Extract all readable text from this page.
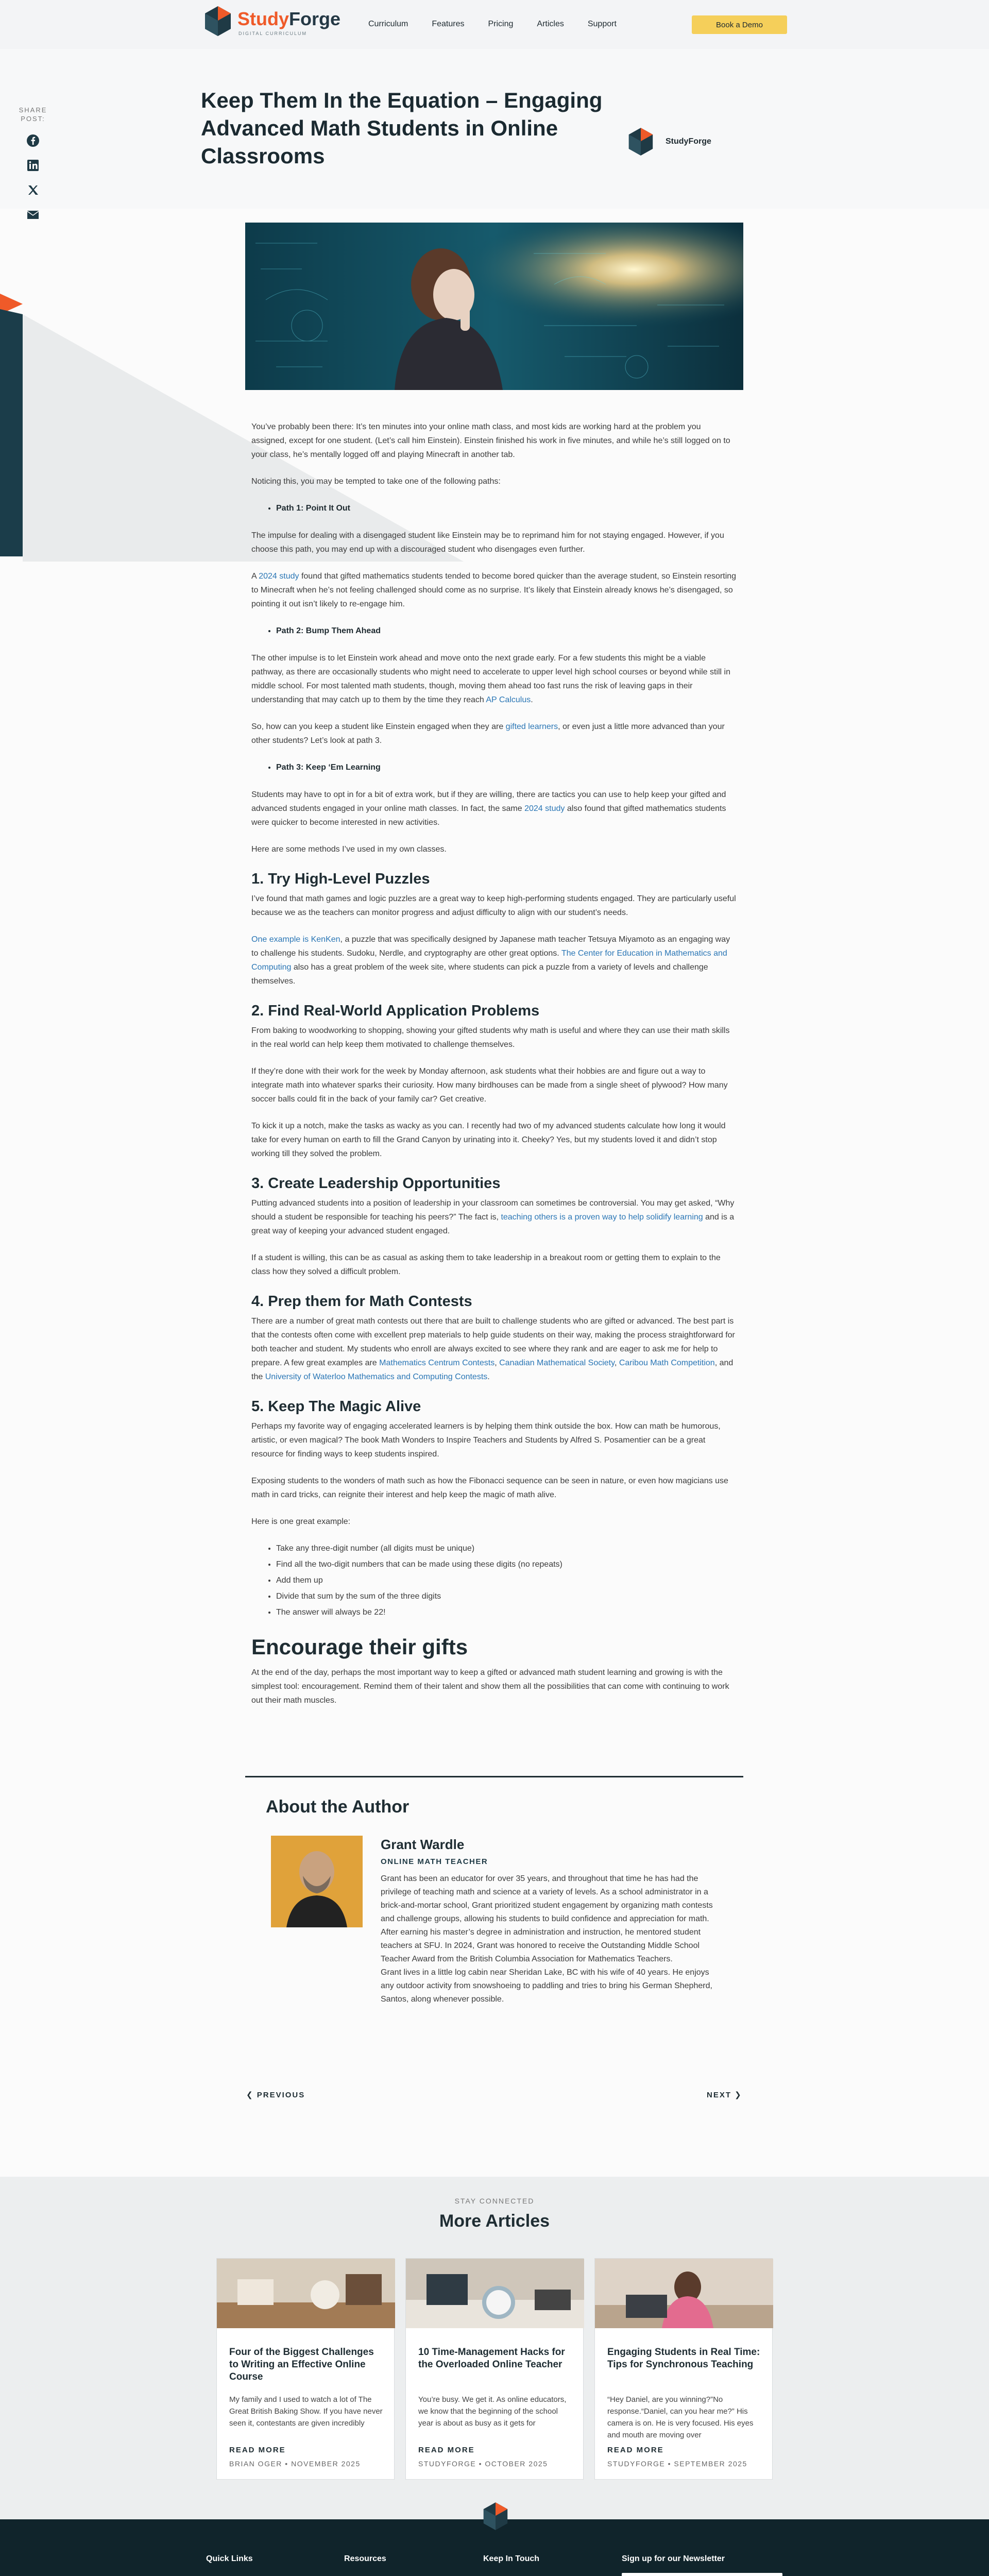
StudyForge
DIGITAL CURRICULUM
Curriculum	Features	Pricing	Articles	Support	Book a Demo
SHARE POST:
Keep Them In the Equation – Engaging Advanced Math Students in Online Classrooms
StudyForge

You’ve probably been there: It’s ten minutes into your online math class, and most kids are working hard at the problem you assigned, except for one student. (Let’s call him Einstein). Einstein finished his work in five minutes, and while he’s still logged on to your class, he’s mentally logged off and playing Minecraft in another tab.

Noticing this, you may be tempted to take one of the following paths:

• Path 1: Point It Out

The impulse for dealing with a disengaged student like Einstein may be to reprimand him for not staying engaged. However, if you choose this path, you may end up with a discouraged student who disengages even further.

A 2024 study found that gifted mathematics students tended to become bored quicker than the average student, so Einstein resorting to Minecraft when he’s not feeling challenged should come as no surprise. It’s likely that Einstein already knows he’s disengaged, so pointing it out isn’t likely to re-engage him.

• Path 2: Bump Them Ahead

The other impulse is to let Einstein work ahead and move onto the next grade early. For a few students this might be a viable pathway, as there are occasionally students who might need to accelerate to upper level high school courses or beyond while still in middle school. For most talented math students, though, moving them ahead too fast runs the risk of leaving gaps in their understanding that may catch up to them by the time they reach AP Calculus.

So, how can you keep a student like Einstein engaged when they are gifted learners, or even just a little more advanced than your other students? Let’s look at path 3.

• Path 3: Keep ‘Em Learning

Students may have to opt in for a bit of extra work, but if they are willing, there are tactics you can use to help keep your gifted and advanced students engaged in your online math classes. In fact, the same 2024 study also found that gifted mathematics students were quicker to become interested in new activities.

Here are some methods I’ve used in my own classes.

1. Try High-Level Puzzles

I’ve found that math games and logic puzzles are a great way to keep high-performing students engaged. They are particularly useful because we as the teachers can monitor progress and adjust difficulty to align with our student’s needs.

One example is KenKen, a puzzle that was specifically designed by Japanese math teacher Tetsuya Miyamoto as an engaging way to challenge his students. Sudoku, Nerdle, and cryptography are other great options. The Center for Education in Mathematics and Computing also has a great problem of the week site, where students can pick a puzzle from a variety of levels and challenge themselves.

2. Find Real-World Application Problems

From baking to woodworking to shopping, showing your gifted students why math is useful and where they can use their math skills in the real world can help keep them motivated to challenge themselves.

If they’re done with their work for the week by Monday afternoon, ask students what their hobbies are and figure out a way to integrate math into whatever sparks their curiosity. How many birdhouses can be made from a single sheet of plywood? How many soccer balls could fit in the back of your family car? Get creative.

To kick it up a notch, make the tasks as wacky as you can. I recently had two of my advanced students calculate how long it would take for every human on earth to fill the Grand Canyon by urinating into it. Cheeky? Yes, but my students loved it and didn’t stop working till they solved the problem.

3. Create Leadership Opportunities

Putting advanced students into a position of leadership in your classroom can sometimes be controversial. You may get asked, “Why should a student be responsible for teaching his peers?” The fact is, teaching others is a proven way to help solidify learning and is a great way of keeping your advanced student engaged.

If a student is willing, this can be as casual as asking them to take leadership in a breakout room or getting them to explain to the class how they solved a difficult problem.

4. Prep them for Math Contests

There are a number of great math contests out there that are built to challenge students who are gifted or advanced. The best part is that the contests often come with excellent prep materials to help guide students on their way, making the process straightforward for both teacher and student. My students who enroll are always excited to see where they rank and are eager to ask me for help to prepare. A few great examples are Mathematics Centrum Contests, Canadian Mathematical Society, Caribou Math Competition, and the University of Waterloo Mathematics and Computing Contests.

5. Keep The Magic Alive

Perhaps my favorite way of engaging accelerated learners is by helping them think outside the box. How can math be humorous, artistic, or even magical? The book Math Wonders to Inspire Teachers and Students by Alfred S. Posamentier can be a great resource for finding ways to keep students inspired.

Exposing students to the wonders of math such as how the Fibonacci sequence can be seen in nature, or even how magicians use math in card tricks, can reignite their interest and help keep the magic of math alive.

Here is one great example:

• Take any three-digit number (all digits must be unique)
• Find all the two-digit numbers that can be made using these digits (no repeats)
• Add them up
• Divide that sum by the sum of the three digits
• The answer will always be 22!
Encourage their gifts

At the end of the day, perhaps the most important way to keep a gifted or advanced math student learning and growing is with the simplest tool: encouragement. Remind them of their talent and show them all the possibilities that can come with continuing to work out their math muscles.

About the Author
Grant Wardle
ONLINE MATH TEACHER
Grant has been an educator for over 35 years, and throughout that time he has had the privilege of teaching math and science at a variety of levels. As a school administrator in a brick-and-mortar school, Grant prioritized student engagement by organizing math contests and challenge groups, allowing his students to build confidence and appreciation for math. After earning his master’s degree in administration and instruction, he mentored student teachers at SFU. In 2024, Grant was honored to receive the Outstanding Middle School Teacher Award from the British Columbia Association for Mathematics Teachers.
Grant lives in a little log cabin near Sheridan Lake, BC with his wife of 40 years. He enjoys any outdoor activity from snowshoeing to paddling and tries to bring his German Shepherd, Santos, along whenever possible.
❮ PREVIOUS	NEXT ❯
STAY CONNECTED
More Articles
Four of the Biggest Challenges to Writing an Effective Online Course
My family and I used to watch a lot of The Great British Baking Show. If you have never seen it, contestants are given incredibly
READ MORE
BRIAN OGER • NOVEMBER 2025
10 Time-Management Hacks for the Overloaded Online Teacher
You’re busy. We get it. As online educators, we know that the beginning of the school year is about as busy as it gets for
READ MORE
STUDYFORGE • OCTOBER 2025
Engaging Students in Real Time: Tips for Synchronous Teaching
“Hey Daniel, are you winning?”No response.“Daniel, can you hear me?” His camera is on. He is very focused. His eyes and mouth are moving over
READ MORE
STUDYFORGE • SEPTEMBER 2025
Quick Links	Resources	Keep In Touch	Sign up for our Newsletter
Name Email*
